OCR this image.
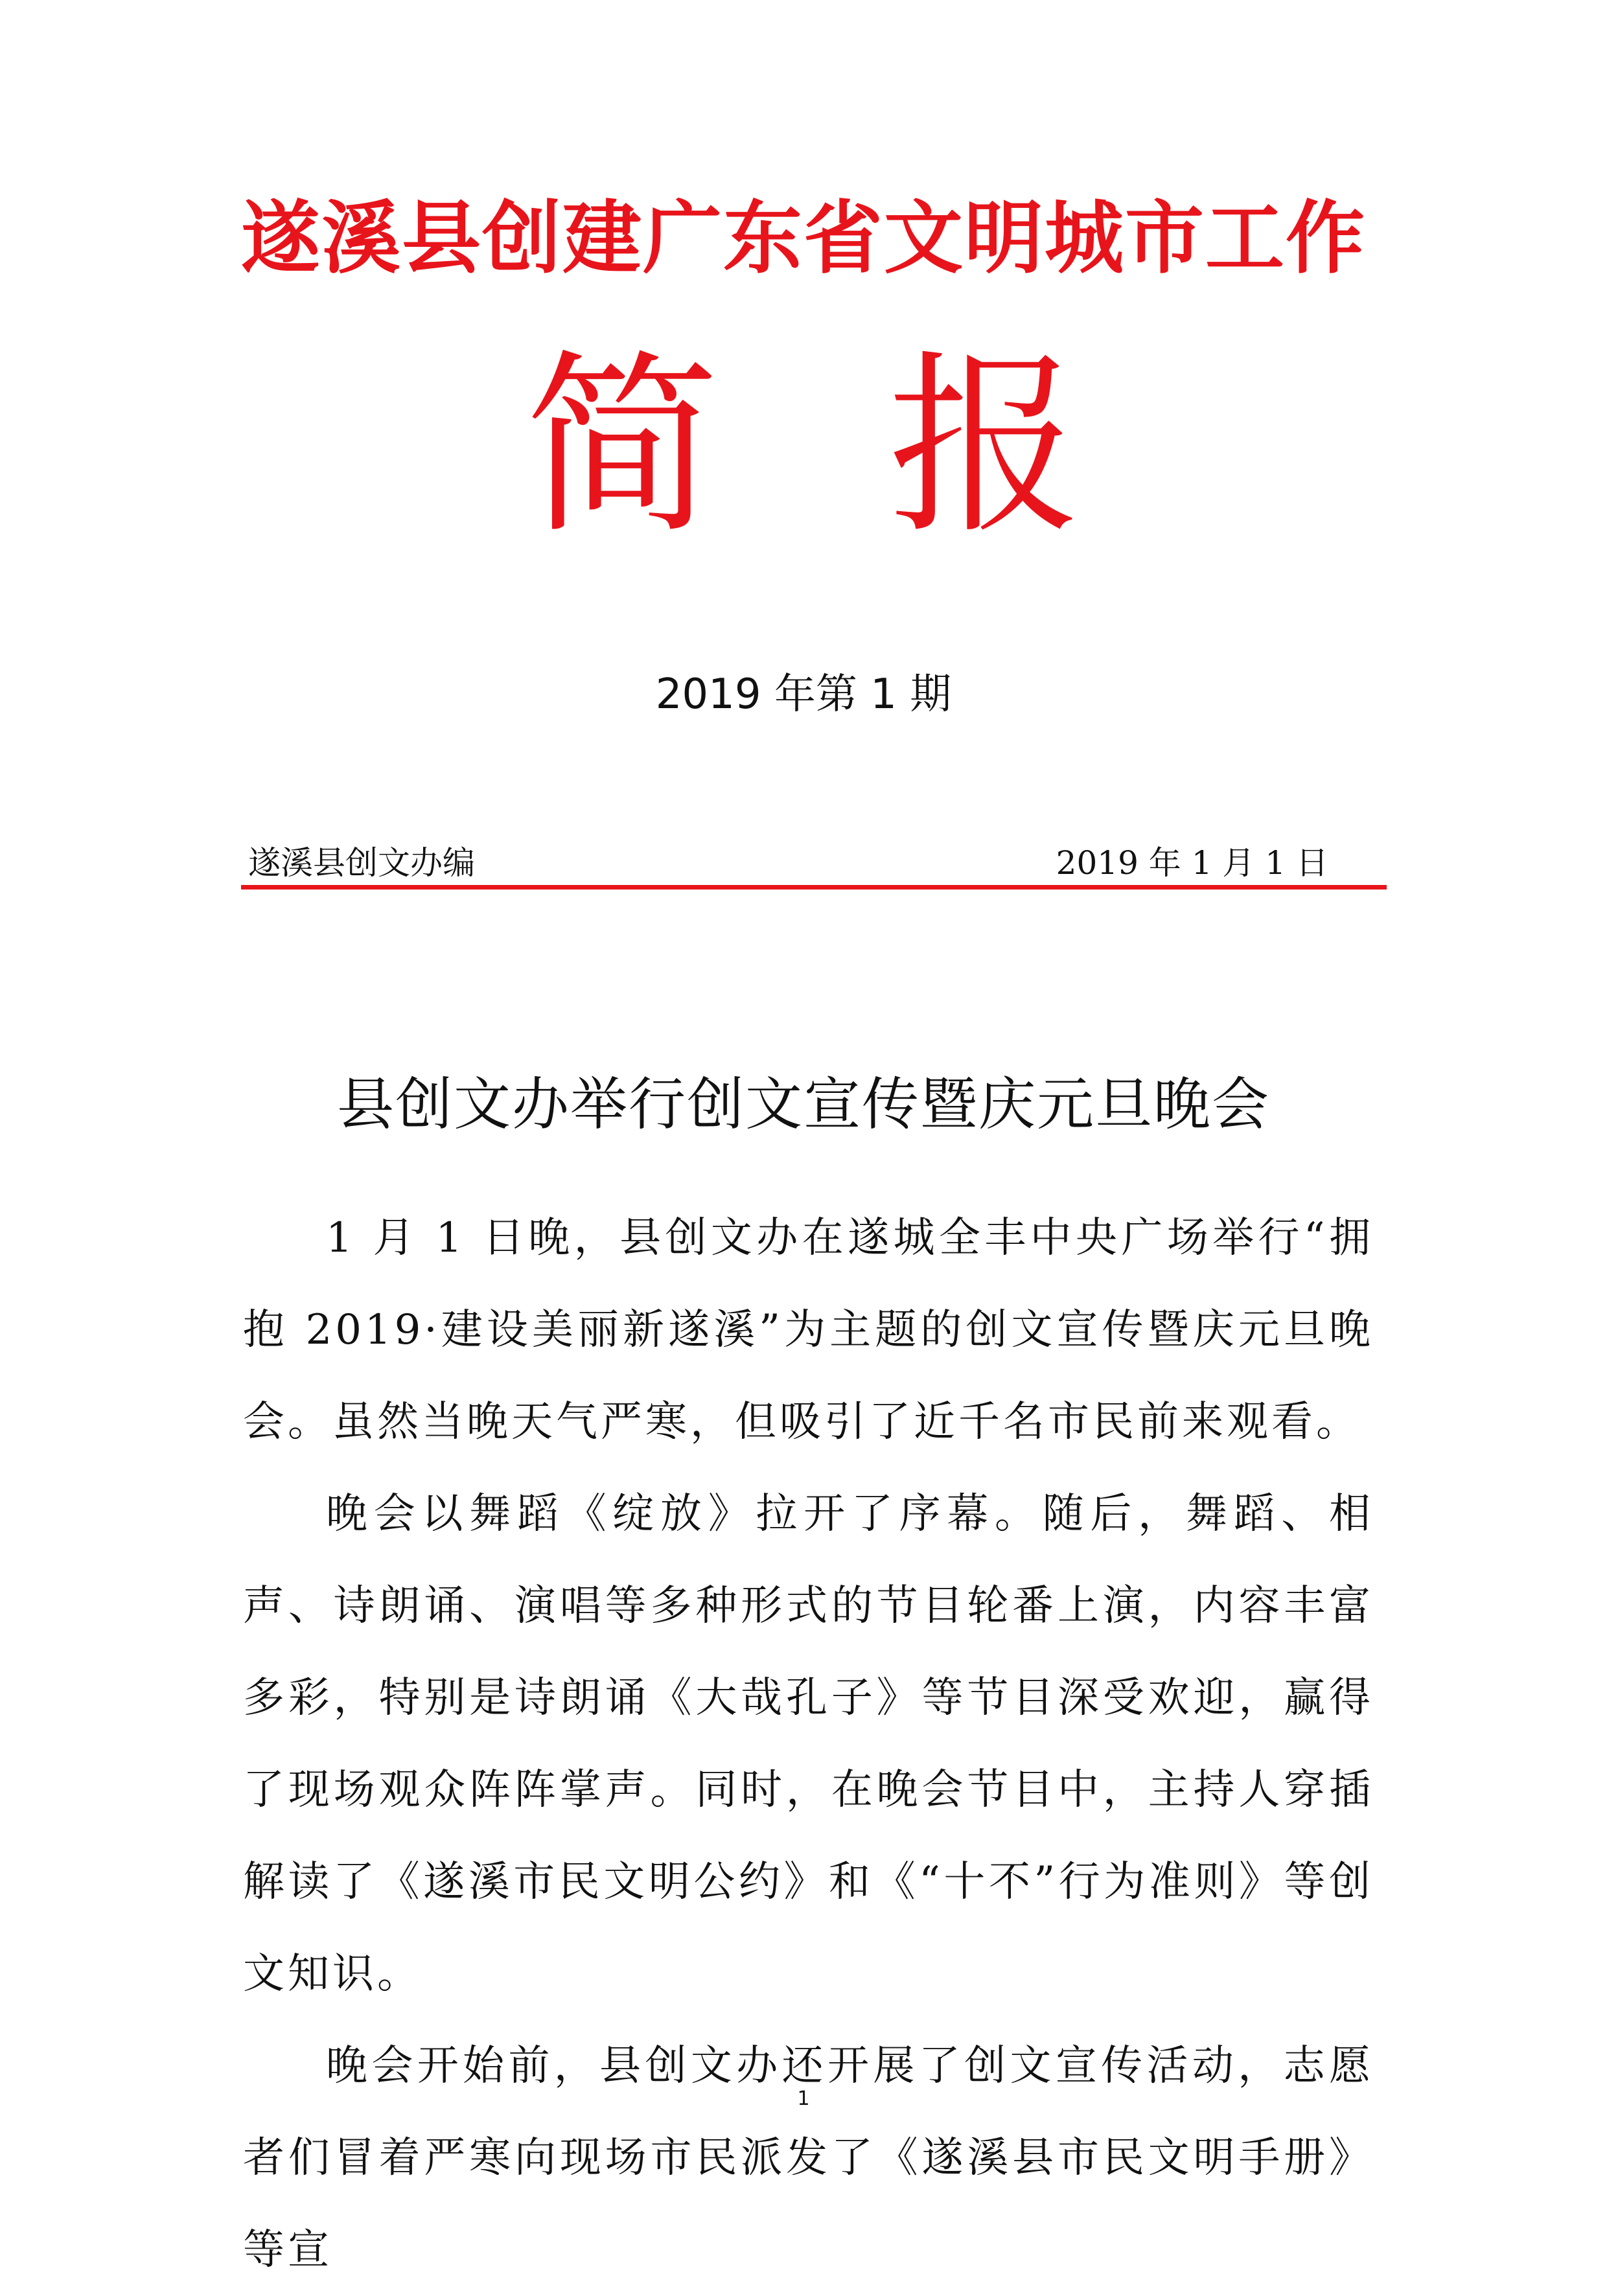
遂溪县创建广东省文明城市工作
简报
2019 年第 1 期
遂溪县创文办编	2019 年 1 月 1 日
县创文办举行创文宣传暨庆元旦晚会

1 月 1 日晚，县创文办在遂城全丰中央广场举行“拥抱 2019·建设美丽新遂溪”为主题的创文宣传暨庆元旦晚会。虽然当晚天气严寒，但吸引了近千名市民前来观看。

晚会以舞蹈《绽放》拉开了序幕。随后，舞蹈、相声、诗朗诵、演唱等多种形式的节目轮番上演，内容丰富多彩，特别是诗朗诵《大哉孔子》等节目深受欢迎，赢得了现场观众阵阵掌声。同时，在晚会节目中，主持人穿插解读了《遂溪市民文明公约》和《“十不”行为准则》等创文知识。

晚会开始前，县创文办还开展了创文宣传活动，志愿者们冒着严寒向现场市民派发了《遂溪县市民文明手册》等宣

1
